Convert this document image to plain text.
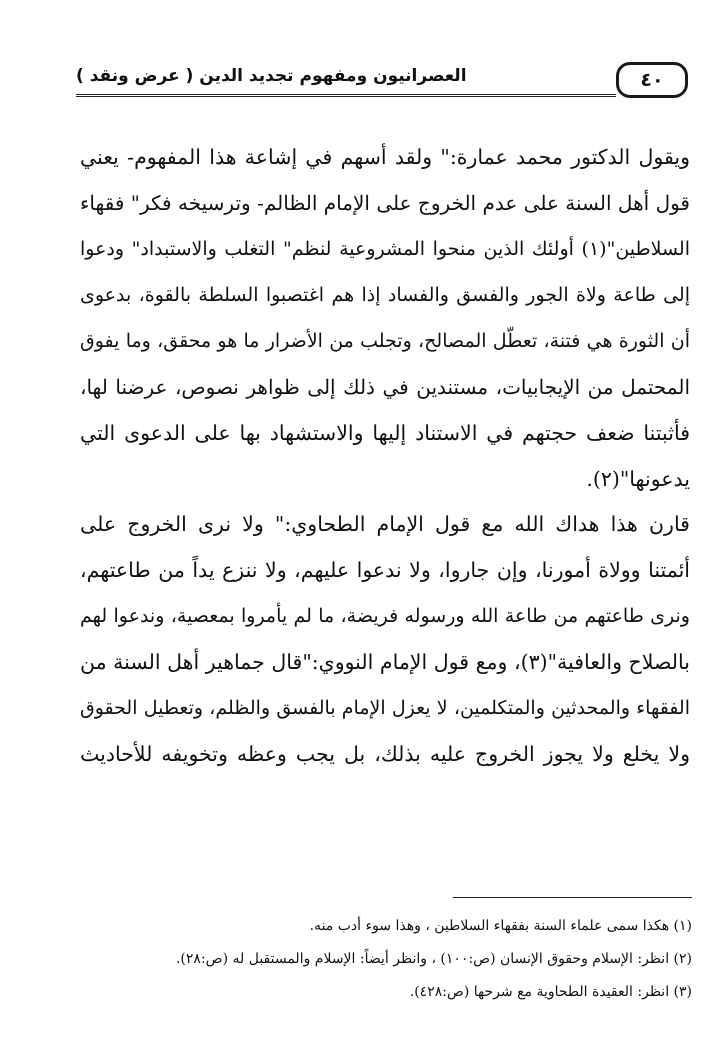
العصرانيون ومفهوم تجديد الدين ( عرض ونقد )	٤٠

ويقول الدكتور محمد عمارة:" ولقد أسهم في إشاعة هذا المفهوم- يعني
قول أهل السنة على عدم الخروج على الإمام الظالم- وترسيخه فكر" فقهاء
السلاطين"(١) أولئك الذين منحوا المشروعية لنظم" التغلب والاستبداد" ودعوا
إلى طاعة ولاة الجور والفسق والفساد إذا هم اغتصبوا السلطة بالقوة، بدعوى
أن الثورة هي فتنة، تعطّل المصالح، وتجلب من الأضرار ما هو محقق، وما يفوق
المحتمل من الإيجابيات، مستندين في ذلك إلى ظواهر نصوص، عرضنا لها،
فأثبتنا ضعف حجتهم في الاستناد إليها والاستشهاد بها على الدعوى التي
يدعونها"(٢).

قارن هذا هداك الله مع قول الإمام الطحاوي:" ولا نرى الخروج على
أئمتنا وولاة أمورنا، وإن جاروا، ولا ندعوا عليهم، ولا ننزع يداً من طاعتهم،
ونرى طاعتهم من طاعة الله ورسوله فريضة، ما لم يأمروا بمعصية، وندعوا لهم
بالصلاح والعافية"(٣)، ومع قول الإمام النووي:"قال جماهير أهل السنة من
الفقهاء والمحدثين والمتكلمين، لا يعزل الإمام بالفسق والظلم، وتعطيل الحقوق
ولا يخلع ولا يجوز الخروج عليه بذلك، بل يجب وعظه وتخويفه للأحاديث

(١) هكذا سمى علماء السنة بفقهاء السلاطين ، وهذا سوء أدب منه.
(٢) انظر: الإسلام وحقوق الإنسان (ص:١٠٠) ، وانظر أيضاً: الإسلام والمستقبل له (ص:٢٨).
(٣) انظر: العقيدة الطحاوية مع شرحها (ص:٤٢٨).
